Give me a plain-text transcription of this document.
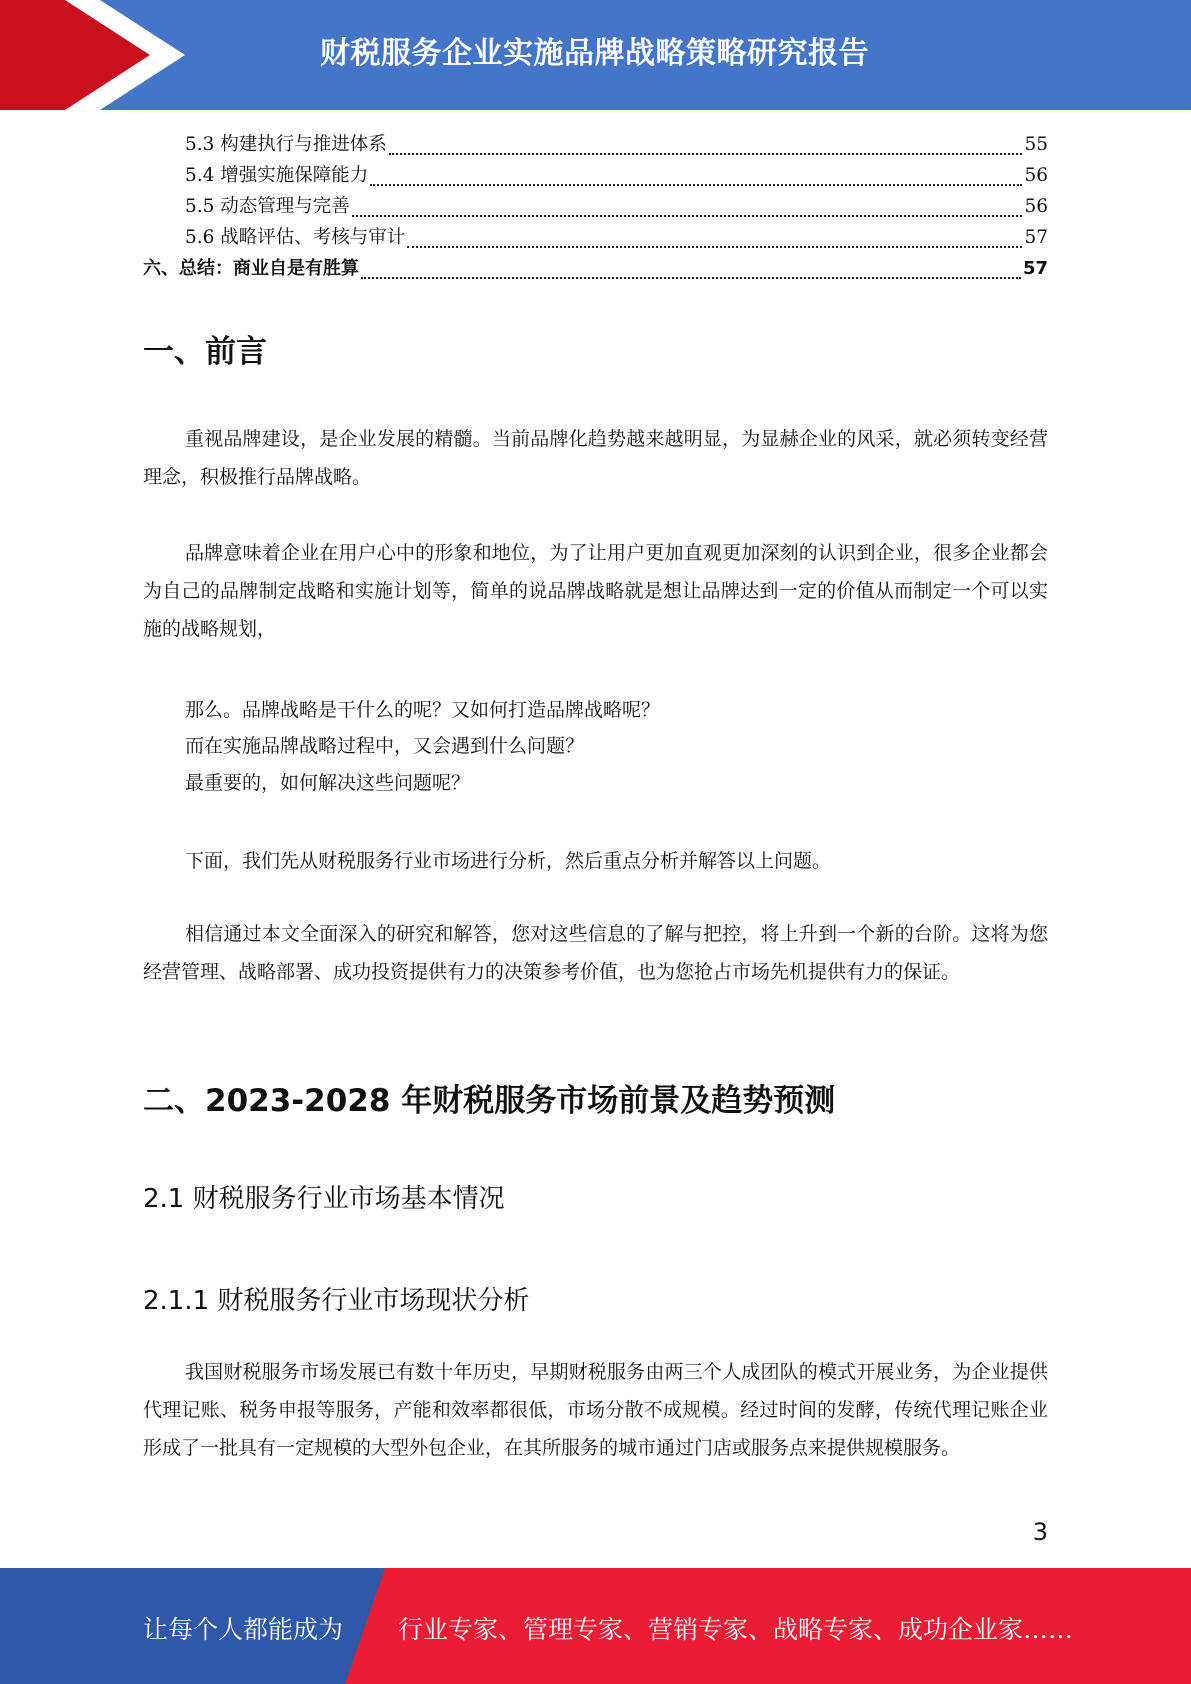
财税服务企业实施品牌战略策略研究报告
5.3 构建执行与推进体系	55
5.4 增强实施保障能力	56
5.5 动态管理与完善	56
5.6 战略评估、考核与审计	57
六、总结：商业自是有胜算	57
一、前言

重视品牌建设，是企业发展的精髓。当前品牌化趋势越来越明显，为显赫企业的风采，就必须转变经营理念，积极推行品牌战略。

品牌意味着企业在用户心中的形象和地位，为了让用户更加直观更加深刻的认识到企业，很多企业都会为自己的品牌制定战略和实施计划等，简单的说品牌战略就是想让品牌达到一定的价值从而制定一个可以实施的战略规划，

那么。品牌战略是干什么的呢？又如何打造品牌战略呢？
而在实施品牌战略过程中，又会遇到什么问题？
最重要的，如何解决这些问题呢？
下面，我们先从财税服务行业市场进行分析，然后重点分析并解答以上问题。

相信通过本文全面深入的研究和解答，您对这些信息的了解与把控，将上升到一个新的台阶。这将为您经营管理、战略部署、成功投资提供有力的决策参考价值，也为您抢占市场先机提供有力的保证。

二、2023-2028 年财税服务市场前景及趋势预测
2.1 财税服务行业市场基本情况
2.1.1 财税服务行业市场现状分析

我国财税服务市场发展已有数十年历史，早期财税服务由两三个人成团队的模式开展业务，为企业提供代理记账、税务申报等服务，产能和效率都很低，市场分散不成规模。经过时间的发酵，传统代理记账企业形成了一批具有一定规模的大型外包企业，在其所服务的城市通过门店或服务点来提供规模服务。

3
让每个人都能成为 行业专家、管理专家、营销专家、战略专家、成功企业家……
